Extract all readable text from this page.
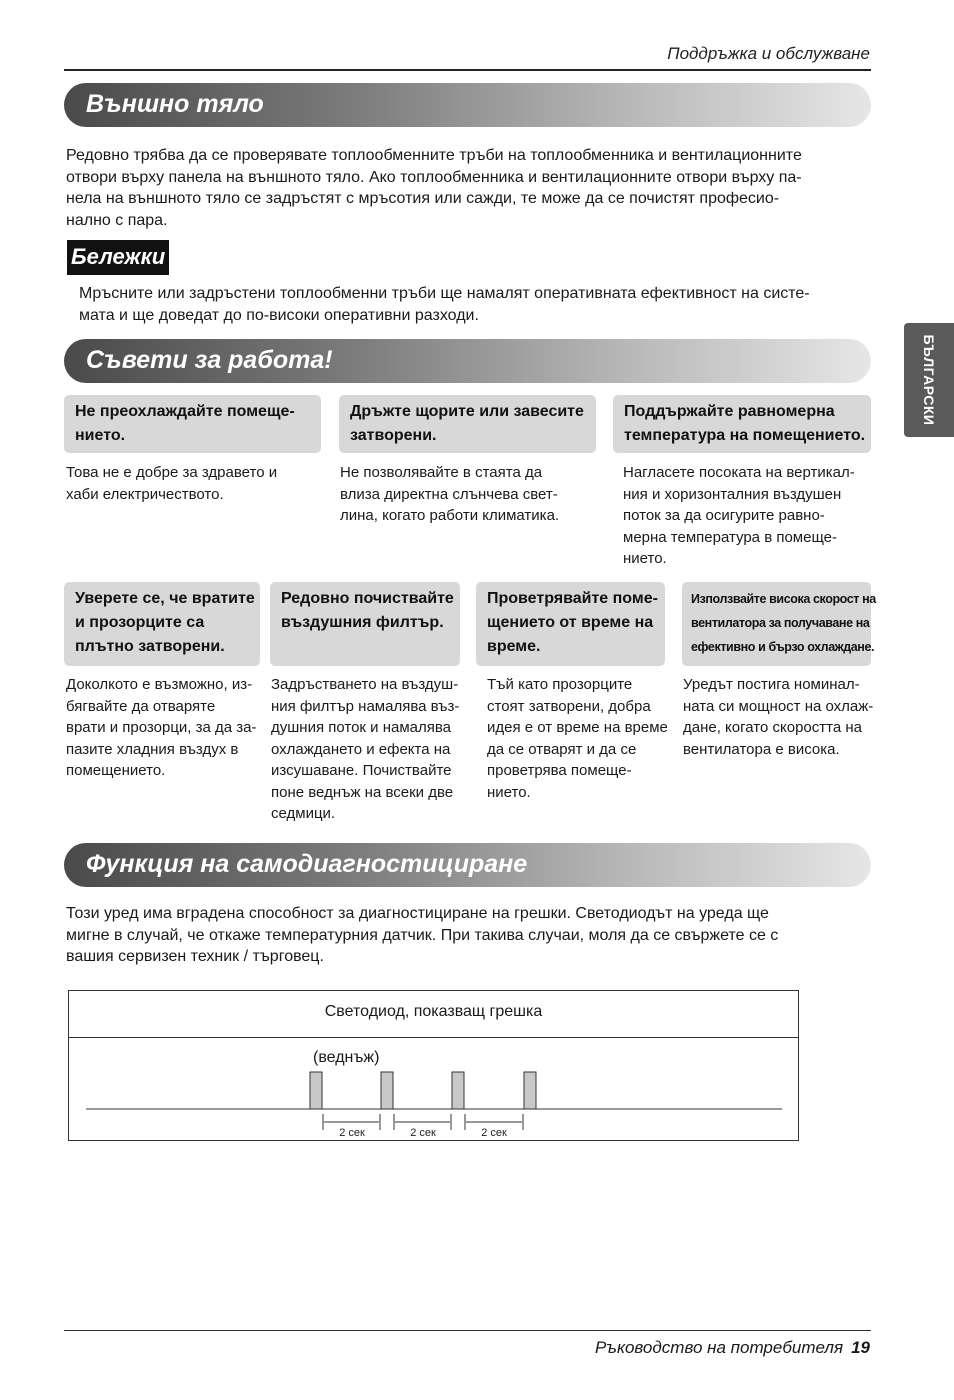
Поддръжка и обслужване
БЪЛГАРСКИ
Външно тяло
Редовно трябва да се проверявате топлообменните тръби на топлообменника и вентилационните
отвори върху панела на външното тяло. Ако топлообменника и вентилационните отвори върху па-
нела на външното тяло се задръстят с мръсотия или сажди, те може да се почистят професио-
нално с пара.
Бележки
Мръсните или задръстени топлообменни тръби ще намалят оперативната ефективност на систе-
мата и ще доведат до по-високи оперативни разходи.
Съвети за работа!
Не преохлаждайте помеще-
нието.
Това не е добре за здравето и
хаби електричеството.
Дръжте щорите или завесите
затворени.
Не позволявайте в стаята да
влиза директна слънчева свет-
лина, когато работи климатика.
Поддържайте равномерна
температура на помещението.
Нагласете посоката на вертикал-
ния и хоризонталния въздушен
поток за да осигурите равно-
мерна температура в помеще-
нието.
Уверете се, че вратите
и прозорците са
плътно затворени.
Доколкото е възможно, из-
бягвайте да отваряте
врати и прозорци, за да за-
пазите хладния въздух в
помещението.
Редовно почиствайте
въздушния филтър.
Задръстването на въздуш-
ния филтър намалява въз-
душния поток и намалява
охлаждането и ефекта на
изсушаване. Почиствайте
поне веднъж на всеки две
седмици.
Проветрявайте поме-
щението от време на
време.
Тъй като прозорците
стоят затворени, добра
идея е от време на време
да се отварят и да се
проветрява помеще-
нието.
Използвайте висока скорост на
вентилатора за получаване на
ефективно и бързо охлаждане.
Уредът постига номинал-
ната си мощност на охлаж-
дане, когато скоростта на
вентилатора е висока.
Функция на самодиагностициране
Този уред има вградена способност за диагностициране на грешки. Светодиодът на уреда ще
мигне в случай, че откаже температурния датчик. При такива случаи, моля да се свържете се с
вашия сервизен техник / търговец.
Светодиод, показващ грешка
(веднъж)
2 сек	2 сек	2 сек
Ръководство на потребителя 19
